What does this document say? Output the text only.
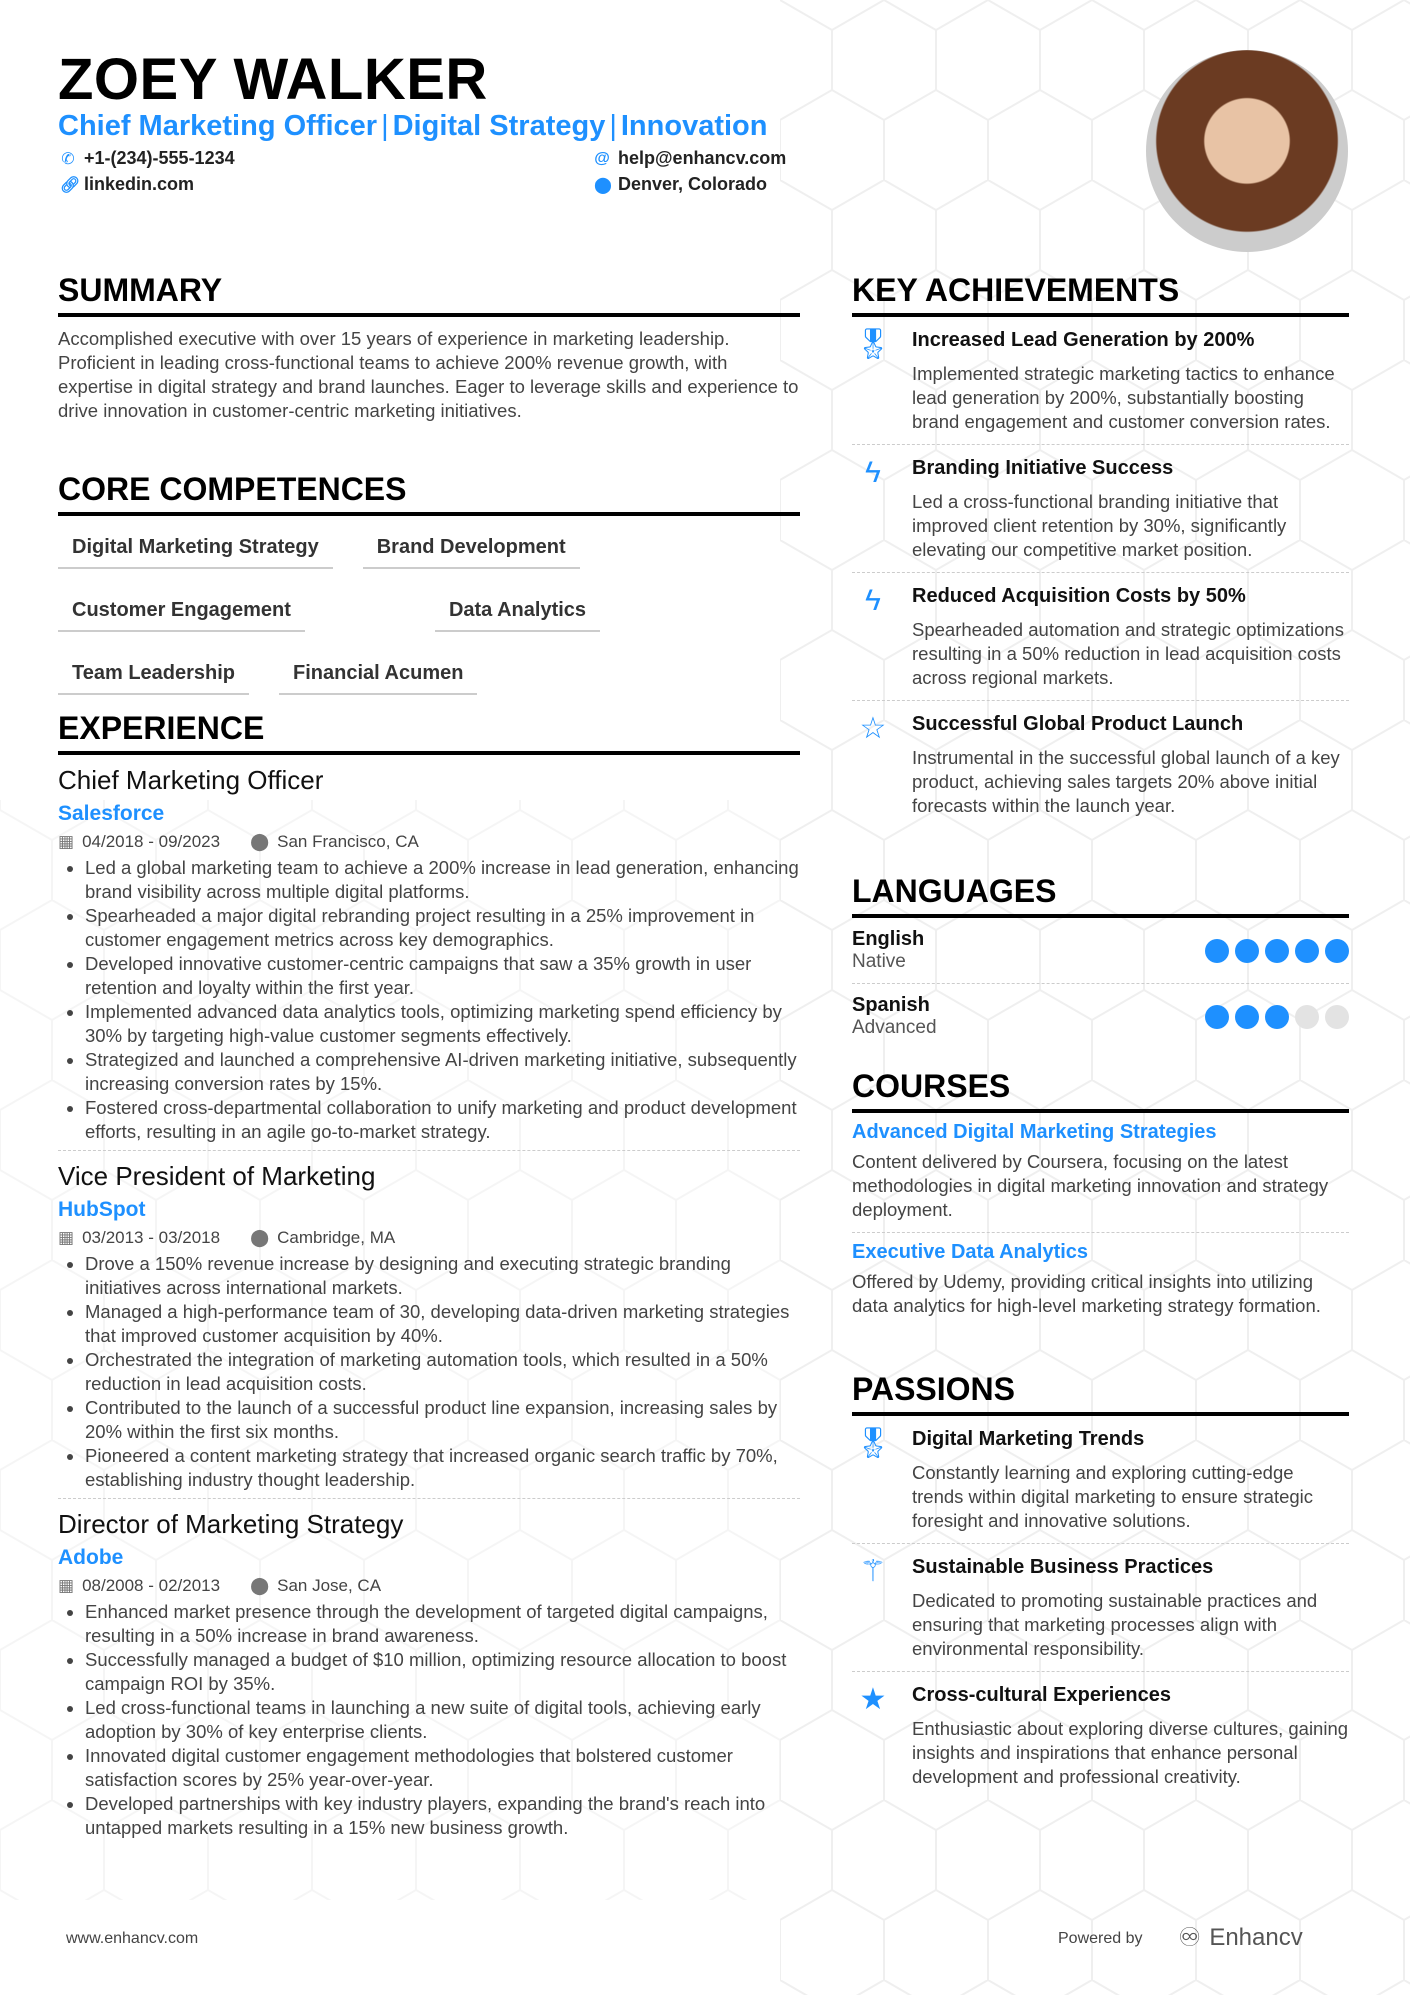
ZOEY WALKER
Chief Marketing Officer | Digital Strategy | Innovation
✆ +1-(234)-555-1234
🔗︎ linkedin.com
@ help@enhancv.com
⬤ Denver, Colorado
SUMMARY
Accomplished executive with over 15 years of experience in marketing leadership. Proficient in leading cross-functional teams to achieve 200% revenue growth, with expertise in digital strategy and brand launches. Eager to leverage skills and experience to drive innovation in customer-centric marketing initiatives.
CORE COMPETENCES
Digital Marketing Strategy	Brand Development
Customer Engagement	Data Analytics
Team Leadership	Financial Acumen
EXPERIENCE
Chief Marketing Officer
Salesforce
▦ 04/2018 - 09/2023 ⬤ San Francisco, CA
• Led a global marketing team to achieve a 200% increase in lead generation, enhancing brand visibility across multiple digital platforms.
• Spearheaded a major digital rebranding project resulting in a 25% improvement in customer engagement metrics across key demographics.
• Developed innovative customer-centric campaigns that saw a 35% growth in user retention and loyalty within the first year.
• Implemented advanced data analytics tools, optimizing marketing spend efficiency by 30% by targeting high-value customer segments effectively.
• Strategized and launched a comprehensive AI-driven marketing initiative, subsequently increasing conversion rates by 15%.
• Fostered cross-departmental collaboration to unify marketing and product development efforts, resulting in an agile go-to-market strategy.
Vice President of Marketing
HubSpot
▦ 03/2013 - 03/2018 ⬤ Cambridge, MA
• Drove a 150% revenue increase by designing and executing strategic branding initiatives across international markets.
• Managed a high-performance team of 30, developing data-driven marketing strategies that improved customer acquisition by 40%.
• Orchestrated the integration of marketing automation tools, which resulted in a 50% reduction in lead acquisition costs.
• Contributed to the launch of a successful product line expansion, increasing sales by 20% within the first six months.
• Pioneered a content marketing strategy that increased organic search traffic by 70%, establishing industry thought leadership.
Director of Marketing Strategy
Adobe
▦ 08/2008 - 02/2013 ⬤ San Jose, CA
• Enhanced market presence through the development of targeted digital campaigns, resulting in a 50% increase in brand awareness.
• Successfully managed a budget of $10 million, optimizing resource allocation to boost campaign ROI by 35%.
• Led cross-functional teams in launching a new suite of digital tools, achieving early adoption by 30% of key enterprise clients.
• Innovated digital customer engagement methodologies that bolstered customer satisfaction scores by 25% year-over-year.
• Developed partnerships with key industry players, expanding the brand's reach into untapped markets resulting in a 15% new business growth.
KEY ACHIEVEMENTS
🎖︎ Increased Lead Generation by 200%
Implemented strategic marketing tactics to enhance lead generation by 200%, substantially boosting brand engagement and customer conversion rates.
ϟ	Branding Initiative Success
Led a cross-functional branding initiative that improved client retention by 30%, significantly elevating our competitive market position.
ϟ	Reduced Acquisition Costs by 50%
Spearheaded automation and strategic optimizations resulting in a 50% reduction in lead acquisition costs across regional markets.
☆	Successful Global Product Launch
Instrumental in the successful global launch of a key product, achieving sales targets 20% above initial forecasts within the launch year.
LANGUAGES
English
Native
Spanish
Advanced
COURSES
Advanced Digital Marketing Strategies
Content delivered by Coursera, focusing on the latest methodologies in digital marketing innovation and strategy deployment.
Executive Data Analytics
Offered by Udemy, providing critical insights into utilizing data analytics for high-level marketing strategy formation.
PASSIONS
🎖︎ Digital Marketing Trends
Constantly learning and exploring cutting-edge trends within digital marketing to ensure strategic foresight and innovative solutions.
⚚	Sustainable Business Practices
Dedicated to promoting sustainable practices and ensuring that marketing processes align with environmental responsibility.
★	Cross-cultural Experiences
Enthusiastic about exploring diverse cultures, gaining insights and inspirations that enhance personal development and professional creativity.
www.enhancv.com	Powered by ♾︎ Enhancv
